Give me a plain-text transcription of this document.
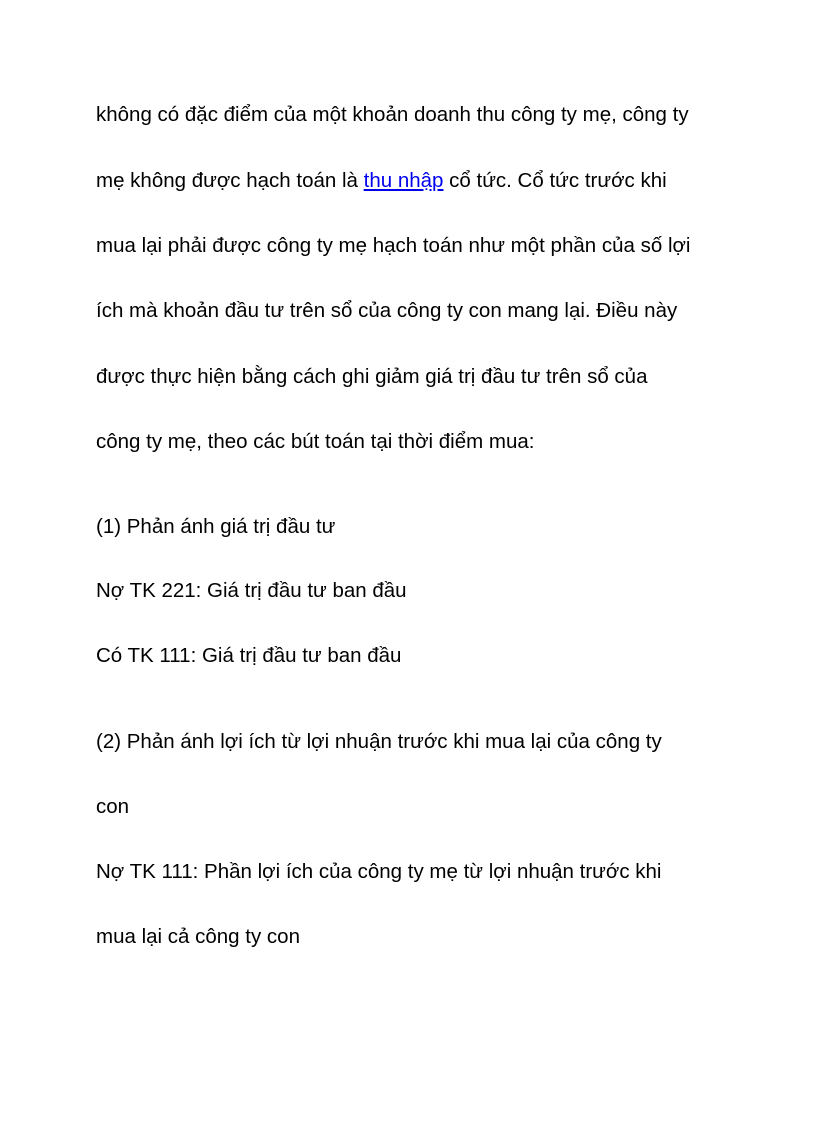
không có đặc điểm của một khoản doanh thu công ty mẹ, công ty

mẹ không được hạch toán là thu nhập cổ tức. Cổ tức trước khi

mua lại phải được công ty mẹ hạch toán như một phần của số lợi

ích mà khoản đầu tư trên sổ của công ty con mang lại. Điều này

được thực hiện bằng cách ghi giảm giá trị đầu tư trên sổ của

công ty mẹ, theo các bút toán tại thời điểm mua:

(1) Phản ánh giá trị đầu tư

Nợ TK 221: Giá trị đầu tư ban đầu

Có TK 111: Giá trị đầu tư ban đầu

(2) Phản ánh lợi ích từ lợi nhuận trước khi mua lại của công ty

con

Nợ TK 111: Phần lợi ích của công ty mẹ từ lợi nhuận trước khi

mua lại cả công ty con
